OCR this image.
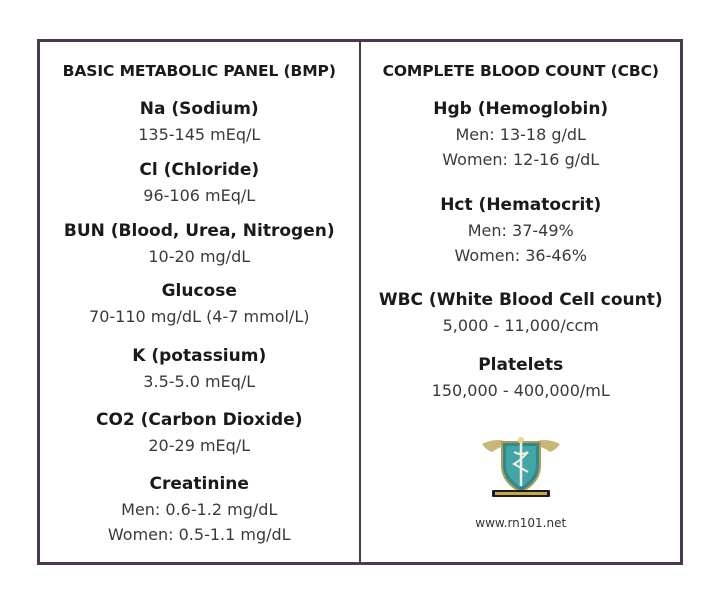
BASIC METABOLIC PANEL (BMP)
Na (Sodium)
135-145 mEq/L
Cl (Chloride)
96-106 mEq/L
BUN (Blood, Urea, Nitrogen)
10-20 mg/dL
Glucose
70-110 mg/dL (4-7 mmol/L)
K (potassium)
3.5-5.0 mEq/L
CO2 (Carbon Dioxide)
20-29 mEq/L
Creatinine
Men: 0.6-1.2 mg/dL
Women: 0.5-1.1 mg/dL
COMPLETE BLOOD COUNT (CBC)
Hgb (Hemoglobin)
Men: 13-18 g/dL
Women: 12-16 g/dL
Hct (Hematocrit)
Men: 37-49%
Women: 36-46%
WBC (White Blood Cell count)
5,000 - 11,000/ccm
Platelets
150,000 - 400,000/mL
www.rn101.net
